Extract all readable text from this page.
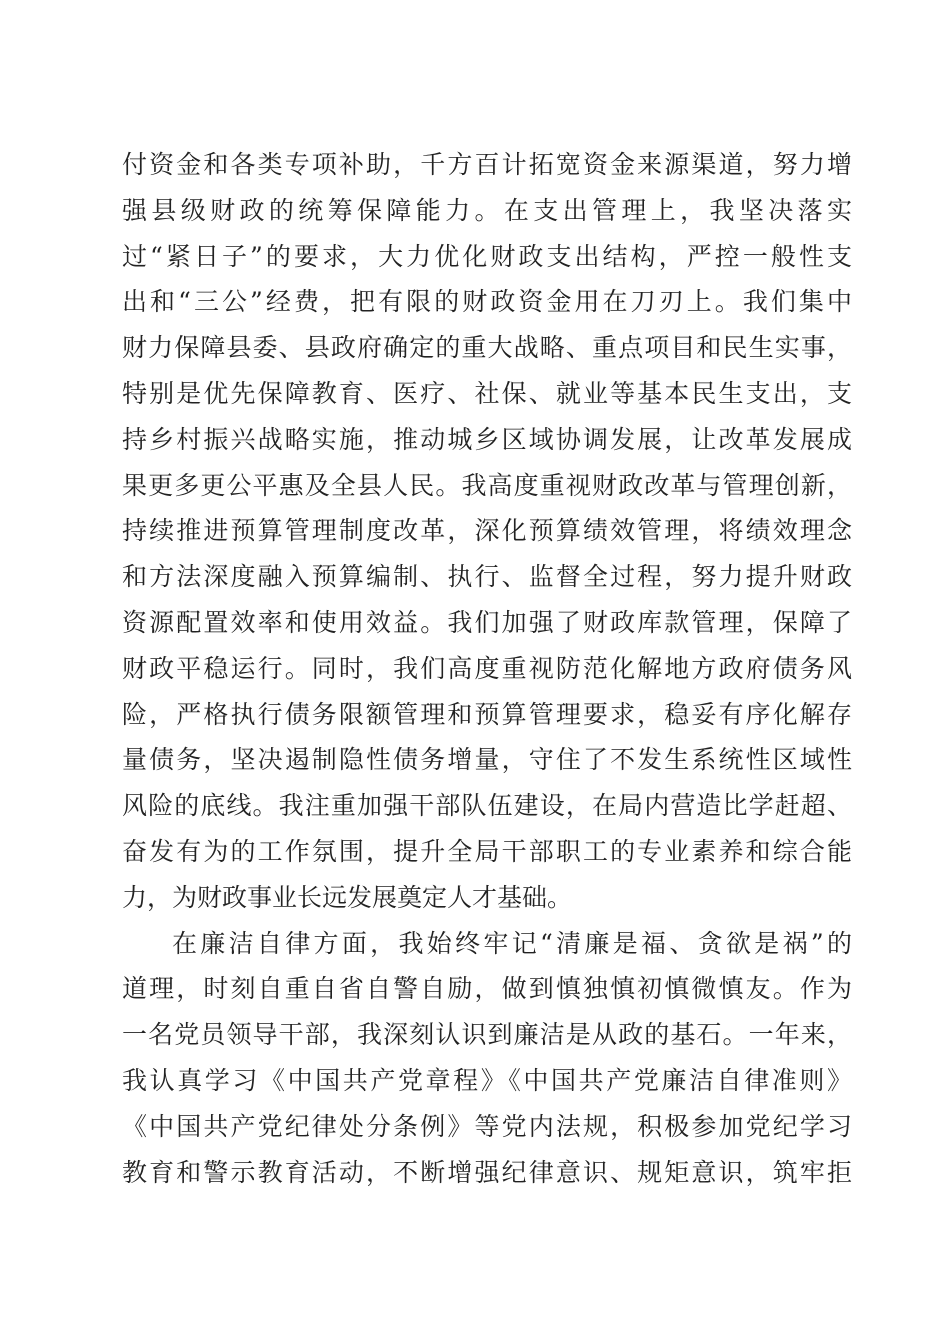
付资金和各类专项补助，千方百计拓宽资金来源渠道，努力增
强县级财政的统筹保障能力。在支出管理上，我坚决落实
过“紧日子”的要求，大力优化财政支出结构，严控一般性支
出和“三公”经费，把有限的财政资金用在刀刃上。我们集中
财力保障县委、县政府确定的重大战略、重点项目和民生实事，
特别是优先保障教育、医疗、社保、就业等基本民生支出，支
持乡村振兴战略实施，推动城乡区域协调发展，让改革发展成
果更多更公平惠及全县人民。我高度重视财政改革与管理创新，
持续推进预算管理制度改革，深化预算绩效管理，将绩效理念
和方法深度融入预算编制、执行、监督全过程，努力提升财政
资源配置效率和使用效益。我们加强了财政库款管理，保障了
财政平稳运行。同时，我们高度重视防范化解地方政府债务风
险，严格执行债务限额管理和预算管理要求，稳妥有序化解存
量债务，坚决遏制隐性债务增量，守住了不发生系统性区域性
风险的底线。我注重加强干部队伍建设，在局内营造比学赶超、
奋发有为的工作氛围，提升全局干部职工的专业素养和综合能
力，为财政事业长远发展奠定人才基础。
在廉洁自律方面，我始终牢记“清廉是福、贪欲是祸”的
道理，时刻自重自省自警自励，做到慎独慎初慎微慎友。作为
一名党员领导干部，我深刻认识到廉洁是从政的基石。一年来，
我认真学习《中国共产党章程》《中国共产党廉洁自律准则》
《中国共产党纪律处分条例》等党内法规，积极参加党纪学习
教育和警示教育活动，不断增强纪律意识、规矩意识，筑牢拒
